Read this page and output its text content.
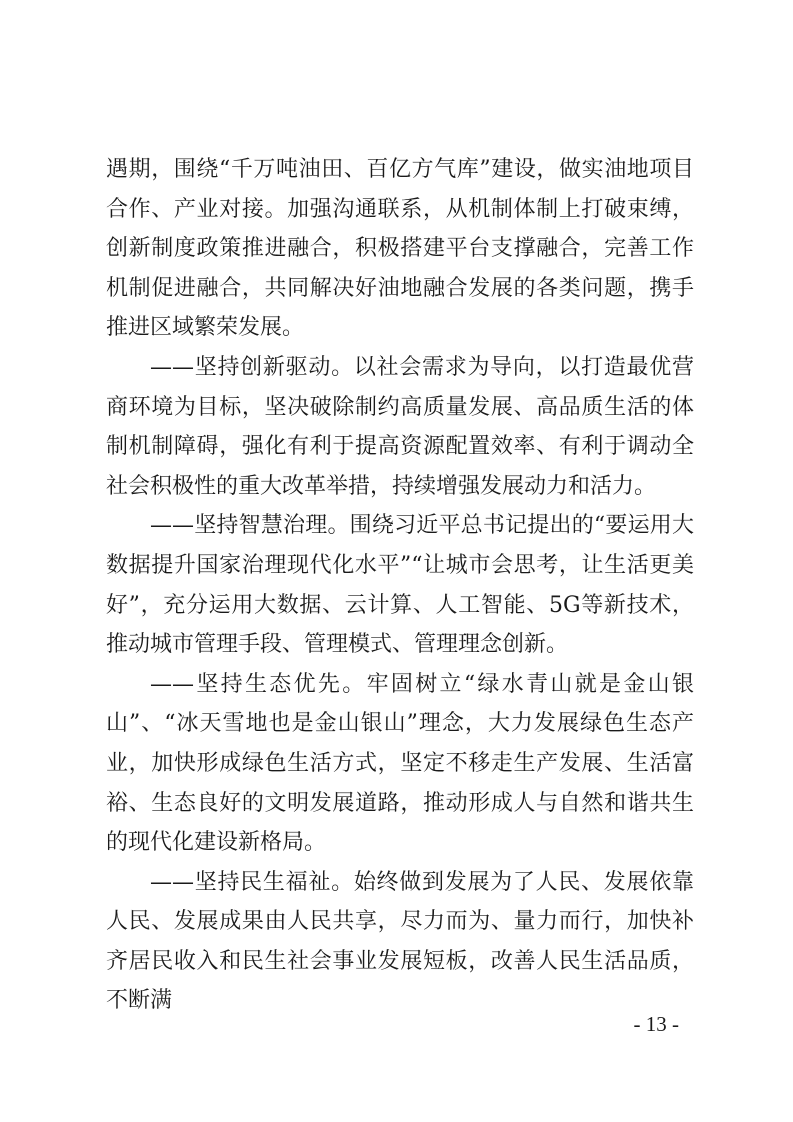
遇期，围绕“千万吨油田、百亿方气库”建设，做实油地项目合作、产业对接。加强沟通联系，从机制体制上打破束缚，创新制度政策推进融合，积极搭建平台支撑融合，完善工作机制促进融合，共同解决好油地融合发展的各类问题，携手推进区域繁荣发展。

——坚持创新驱动。以社会需求为导向，以打造最优营商环境为目标，坚决破除制约高质量发展、高品质生活的体制机制障碍，强化有利于提高资源配置效率、有利于调动全社会积极性的重大改革举措，持续增强发展动力和活力。

——坚持智慧治理。围绕习近平总书记提出的“要运用大数据提升国家治理现代化水平”“让城市会思考，让生活更美好”，充分运用大数据、云计算、人工智能、5G等新技术，推动城市管理手段、管理模式、管理理念创新。

——坚持生态优先。牢固树立“绿水青山就是金山银山”、“冰天雪地也是金山银山”理念，大力发展绿色生态产业，加快形成绿色生活方式，坚定不移走生产发展、生活富裕、生态良好的文明发展道路，推动形成人与自然和谐共生的现代化建设新格局。

——坚持民生福祉。始终做到发展为了人民、发展依靠人民、发展成果由人民共享，尽力而为、量力而行，加快补齐居民收入和民生社会事业发展短板，改善人民生活品质，不断满

- 13 -
